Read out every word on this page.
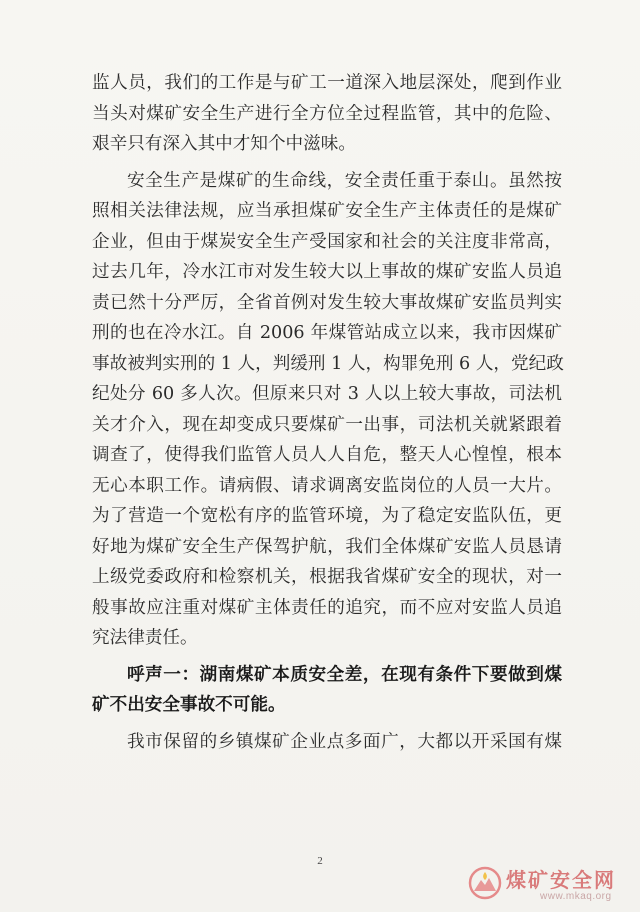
监人员，我们的工作是与矿工一道深入地层深处，爬到作业
当头对煤矿安全生产进行全方位全过程监管，其中的危险、
艰辛只有深入其中才知个中滋味。
安全生产是煤矿的生命线，安全责任重于泰山。虽然按
照相关法律法规，应当承担煤矿安全生产主体责任的是煤矿
企业，但由于煤炭安全生产受国家和社会的关注度非常高，
过去几年，冷水江市对发生较大以上事故的煤矿安监人员追
责已然十分严厉，全省首例对发生较大事故煤矿安监员判实
刑的也在冷水江。自 2006 年煤管站成立以来，我市因煤矿
事故被判实刑的 1 人，判缓刑 1 人，构罪免刑 6 人，党纪政
纪处分 60 多人次。但原来只对 3 人以上较大事故，司法机
关才介入，现在却变成只要煤矿一出事，司法机关就紧跟着
调查了，使得我们监管人员人人自危，整天人心惶惶，根本
无心本职工作。请病假、请求调离安监岗位的人员一大片。
为了营造一个宽松有序的监管环境，为了稳定安监队伍，更
好地为煤矿安全生产保驾护航，我们全体煤矿安监人员恳请
上级党委政府和检察机关，根据我省煤矿安全的现状，对一
般事故应注重对煤矿主体责任的追究，而不应对安监人员追
究法律责任。
呼声一：湖南煤矿本质安全差，在现有条件下要做到煤
矿不出安全事故不可能。
我市保留的乡镇煤矿企业点多面广，大都以开采国有煤
2
煤矿安全网
www.mkaq.org
